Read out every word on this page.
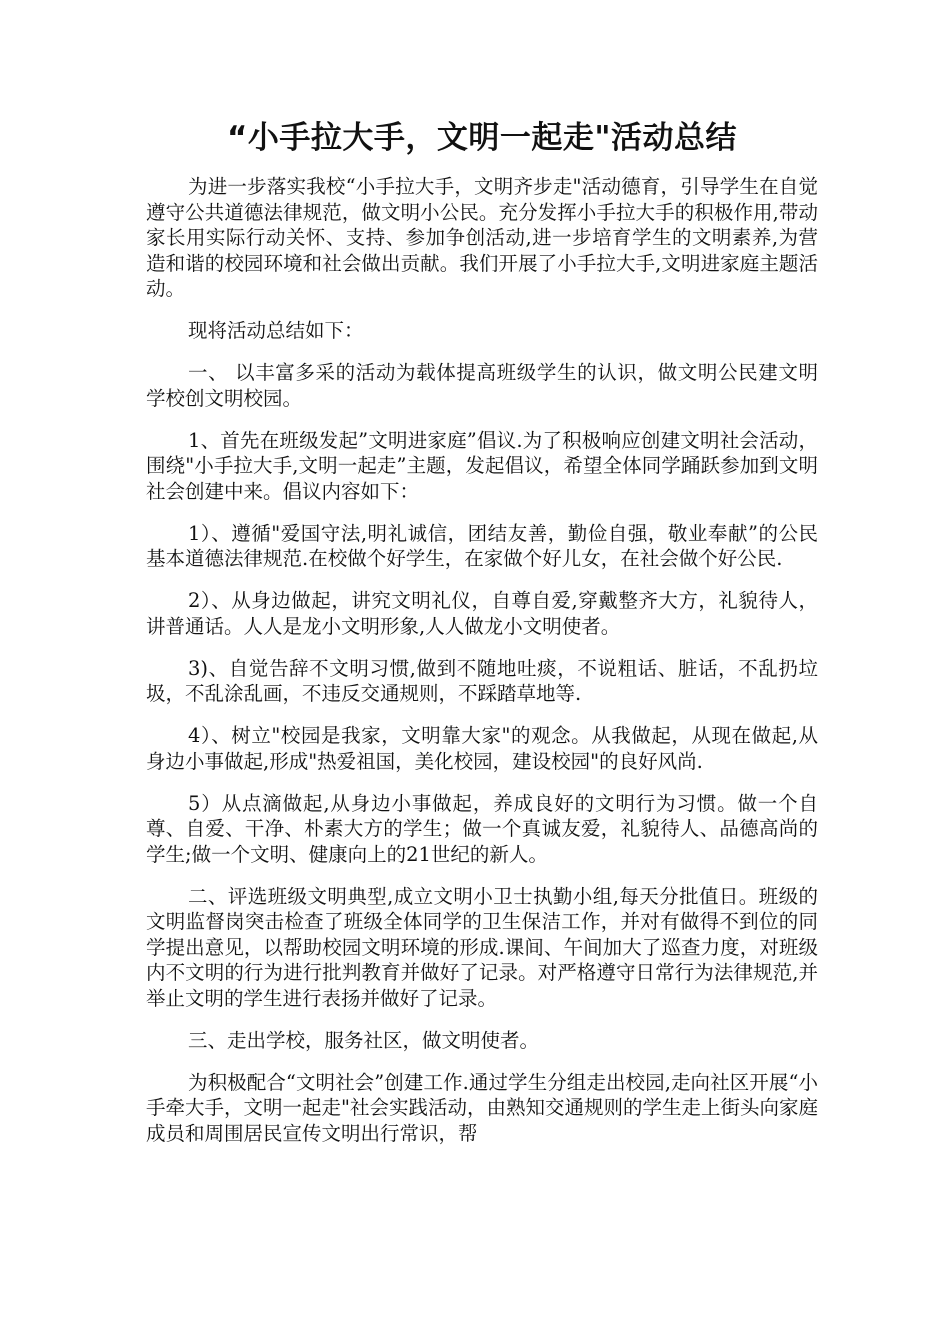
“小手拉大手，文明一起走"活动总结

为进一步落实我校“小手拉大手，文明齐步走"活动德育，引导学生在自觉遵守公共道德法律规范，做文明小公民。充分发挥小手拉大手的积极作用,带动家长用实际行动关怀、支持、参加争创活动,进一步培育学生的文明素养,为营造和谐的校园环境和社会做出贡献。我们开展了小手拉大手,文明进家庭主题活动。

现将活动总结如下：

一、 以丰富多采的活动为载体提高班级学生的认识，做文明公民建文明学校创文明校园。

1、首先在班级发起”文明进家庭”倡议.为了积极响应创建文明社会活动，围绕"小手拉大手,文明一起走”主题，发起倡议，希望全体同学踊跃参加到文明社会创建中来。倡议内容如下：

1）、遵循"爱国守法,明礼诚信，团结友善，勤俭自强，敬业奉献”的公民基本道德法律规范.在校做个好学生，在家做个好儿女，在社会做个好公民.

2）、从身边做起，讲究文明礼仪，自尊自爱,穿戴整齐大方，礼貌待人，讲普通话。人人是龙小文明形象,人人做龙小文明使者。

3)、自觉告辞不文明习惯,做到不随地吐痰，不说粗话、脏话，不乱扔垃圾，不乱涂乱画，不违反交通规则，不踩踏草地等.

4）、树立"校园是我家，文明靠大家"的观念。从我做起，从现在做起,从身边小事做起,形成"热爱祖国，美化校园，建设校园"的良好风尚.

5）从点滴做起,从身边小事做起，养成良好的文明行为习惯。做一个自尊、自爱、干净、朴素大方的学生；做一个真诚友爱，礼貌待人、品德高尚的学生;做一个文明、健康向上的21世纪的新人。

二、评选班级文明典型,成立文明小卫士执勤小组,每天分批值日。班级的文明监督岗突击检查了班级全体同学的卫生保洁工作，并对有做得不到位的同学提出意见，以帮助校园文明环境的形成.课间、午间加大了巡查力度，对班级内不文明的行为进行批判教育并做好了记录。对严格遵守日常行为法律规范,并举止文明的学生进行表扬并做好了记录。

三、走出学校，服务社区，做文明使者。

为积极配合“文明社会”创建工作.通过学生分组走出校园,走向社区开展“小手牵大手，文明一起走"社会实践活动，由熟知交通规则的学生走上街头向家庭成员和周围居民宣传文明出行常识，帮
